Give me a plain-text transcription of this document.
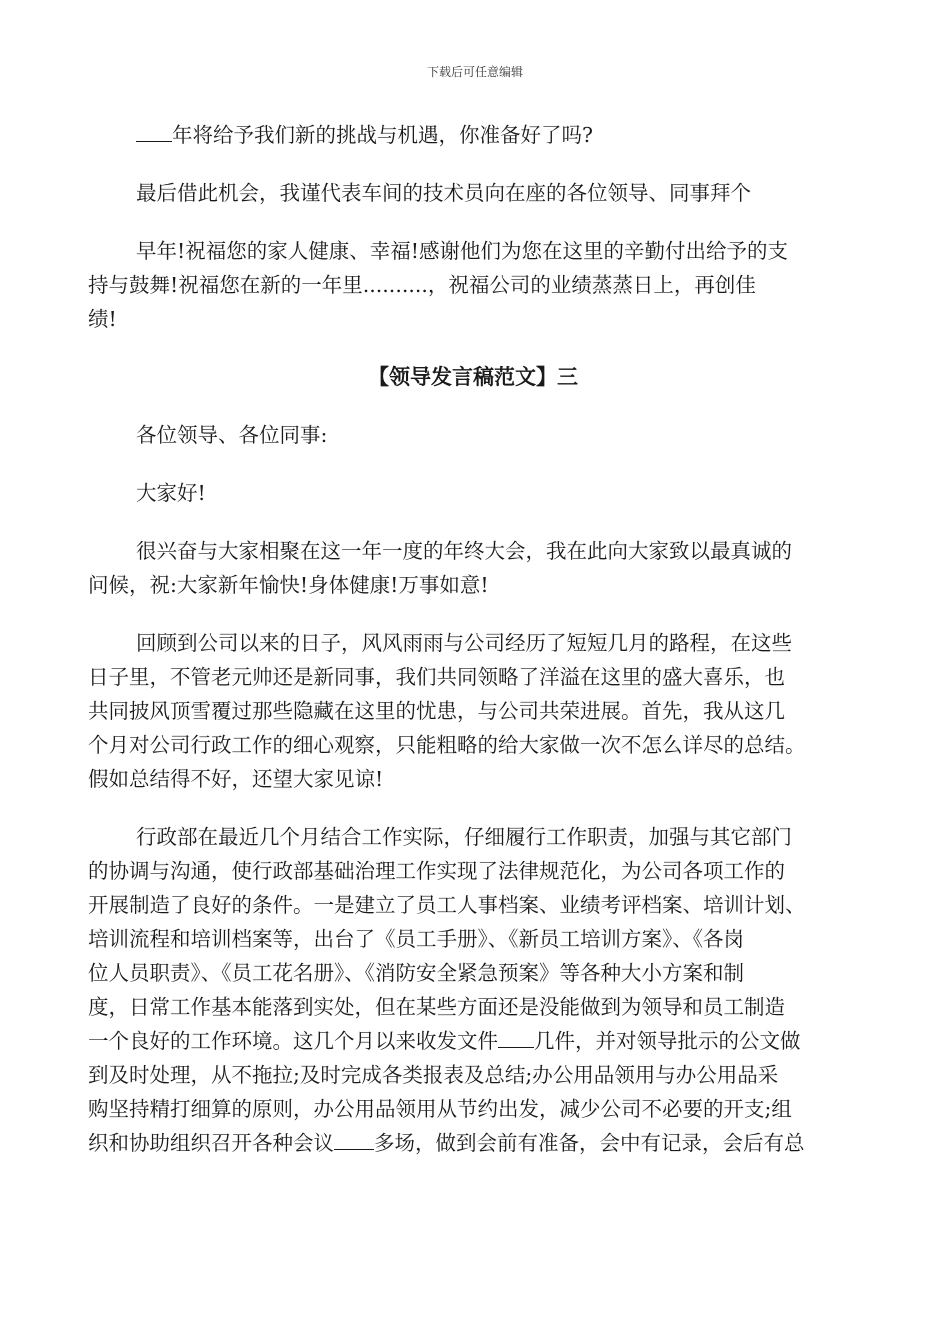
下载后可任意编辑
年将给予我们新的挑战与机遇，你准备好了吗?
最后借此机会，我谨代表车间的技术员向在座的各位领导、同事拜个
早年!祝福您的家人健康、幸福!感谢他们为您在这里的辛勤付出给予的支
持与鼓舞!祝福您在新的一年里..........，祝福公司的业绩蒸蒸日上，再创佳
绩!
【领导发言稿范文】三
各位领导、各位同事:
大家好!
很兴奋与大家相聚在这一年一度的年终大会，我在此向大家致以最真诚的
问候，祝:大家新年愉快!身体健康!万事如意!
回顾到公司以来的日子，风风雨雨与公司经历了短短几月的路程，在这些
日子里，不管老元帅还是新同事，我们共同领略了洋溢在这里的盛大喜乐，也
共同披风顶雪覆过那些隐藏在这里的忧患，与公司共荣进展。首先，我从这几
个月对公司行政工作的细心观察，只能粗略的给大家做一次不怎么详尽的总结。
假如总结得不好，还望大家见谅!
行政部在最近几个月结合工作实际，仔细履行工作职责，加强与其它部门
的协调与沟通，使行政部基础治理工作实现了法律规范化，为公司各项工作的
开展制造了良好的条件。一是建立了员工人事档案、业绩考评档案、培训计划、
培训流程和培训档案等，出台了《员工手册》、《新员工培训方案》、《各岗
位人员职责》、《员工花名册》、《消防安全紧急预案》等各种大小方案和制
度，日常工作基本能落到实处，但在某些方面还是没能做到为领导和员工制造
一个良好的工作环境。这几个月以来收发文件 几件，并对领导批示的公文做
到及时处理，从不拖拉;及时完成各类报表及总结;办公用品领用与办公用品采
购坚持精打细算的原则，办公用品领用从节约出发，减少公司不必要的开支;组
织和协助组织召开各种会议 多场，做到会前有准备，会中有记录，会后有总
